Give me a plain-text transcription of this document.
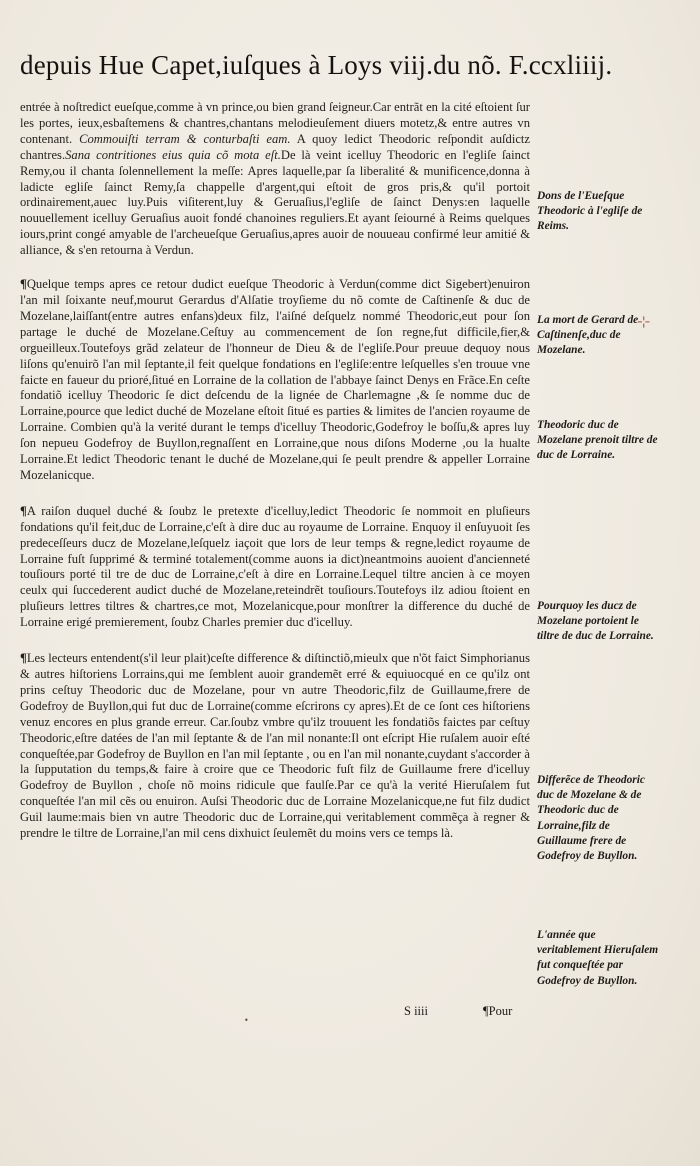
depuis Hue Capet,iuſques à Loys viij.du nõ. F.ccxliiij.

entrée à noſtredict eueſque,comme à vn prince,ou bien grand ſeigneur.Car entrãt en la cité eſtoient ſur les portes, ieux,esbaſtemens & chantres,chantans melodieuſement diuers motetz,& entre autres vn contenant. Commouiſti terram & conturbaſti eam. A quoy ledict Theodoric reſpondit auſdictz chantres.Sana contritiones eius quia cõ mota eſt.De là veint icelluy Theodoric en l'egliſe ſainct Remy,ou il chanta ſolennellement la meſſe: Apres laquelle,par ſa liberalité & munificence,donna à ladicte egliſe ſainct Remy,ſa chappelle d'argent,qui eſtoit de gros pris,& qu'il portoit ordinairement,auec luy.Puis viſiterent,luy & Geruaſius,l'egliſe de ſainct Denys:en laquelle nouuellement icelluy Geruaſius auoit fondé chanoines reguliers.Et ayant ſeiourné à Reims quelques iours,print congé amyable de l'archeueſque Geruaſius,apres auoir de nouueau confirmé leur amitié & alliance, & s'en retourna à Verdun.

¶Quelque temps apres ce retour dudict eueſque Theodoric à Verdun(comme dict Sigebert)enuiron l'an mil ſoixante neuf,mourut Gerardus d'Alſatie troyſieme du nõ comte de Caſtinenſe & duc de Mozelane,laiſſant(entre autres enfans)deux filz, l'aiſné deſquelz nommé Theodoric,eut pour ſon partage le duché de Mozelane.Ceſtuy au commencement de ſon regne,fut difficile,fier,& orgueilleux.Toutefoys grãd zelateur de l'honneur de Dieu & de l'egliſe.Pour preuue dequoy nous liſons qu'enuirõ l'an mil ſeptante,il feit quelque fondations en l'egliſe:entre leſquelles s'en trouue vne faicte en faueur du prioré,ſitué en Lorraine de la collation de l'abbaye ſainct Denys en Frãce.En ceſte fondatiõ icelluy Theodoric ſe dict deſcendu de la lignée de Charlemagne ,& ſe nomme duc de Lorraine,pource que ledict duché de Mozelane eſtoit ſitué es parties & limites de l'ancien royaume de Lorraine. Combien qu'à la verité durant le temps d'icelluy Theodoric,Godefroy le boſſu,& apres luy ſon nepueu Godefroy de Buyllon,regnaſſent en Lorraine,que nous diſons Moderne ,ou la hualte Lorraine.Et ledict Theodoric tenant le duché de Mozelane,qui ſe peult prendre & appeller Lorraine Mozelanicque.

¶A raiſon duquel duché & ſoubz le pretexte d'icelluy,ledict Theodoric ſe nommoit en pluſieurs fondations qu'il feit,duc de Lorraine,c'eſt à dire duc au royaume de Lorraine. Enquoy il enſuyuoit ſes predeceſſeurs ducz de Mozelane,leſquelz iaçoit que lors de leur temps & regne,ledict royaume de Lorraine fuſt ſupprimé & terminé totalement(comme auons ia dict)neantmoins auoient d'ancienneté touſiours porté til tre de duc de Lorraine,c'eſt à dire en Lorraine.Lequel tiltre ancien à ce moyen ceulx qui ſuccederent audict duché de Mozelane,reteindrẽt touſiours.Toutefoys ilz adiou ſtoient en pluſieurs lettres tiltres & chartres,ce mot, Mozelanicque,pour monſtrer la difference du duché de Lorraine erigé premierement, ſoubz Charles premier duc d'icelluy.

¶Les lecteurs entendent(s'il leur plait)ceſte difference & diſtinctiõ,mieulx que n'õt faict Simphorianus & autres hiſtoriens Lorrains,qui me ſemblent auoir grandemẽt erré & equiuocqué en ce qu'ilz ont prins ceſtuy Theodoric duc de Mozelane, pour vn autre Theodoric,filz de Guillaume,frere de Godefroy de Buyllon,qui fut duc de Lorraine(comme eſcrirons cy apres).Et de ce ſont ces hiſtoriens venuz encores en plus grande erreur. Car.ſoubz vmbre qu'ilz trouuent les fondatiõs faictes par ceſtuy Theodoric,eſtre datées de l'an mil ſeptante & de l'an mil nonante:Il ont eſcript Hie ruſalem auoir eſté conqueſtée,par Godefroy de Buyllon en l'an mil ſeptante , ou en l'an mil nonante,cuydant s'accorder à la ſupputation du temps,& faire à croire que ce Theodoric fuſt filz de Guillaume frere d'icelluy Godefroy de Buyllon , choſe nõ moins ridicule que faulſe.Par ce qu'à la verité Hieruſalem fut conqueſtée l'an mil cẽs ou enuiron. Auſsi Theodoric duc de Lorraine Mozelanicque,ne fut filz dudict Guil laume:mais bien vn autre Theodoric duc de Lorraine,qui veritablement commẽça à regner & prendre le tiltre de Lorraine,l'an mil cens dixhuict ſeulemẽt du moins vers ce temps là.

Dons de l'Eueſque Theodoric à l'egliſe de Reims.
La mort de Gerard de Caſtinenſe,duc de Mozelane.
Theodoric duc de Mozelane prenoit tiltre de duc de Lorraine.
Pourquoy les ducz de Mozelane portoient le tiltre de duc de Lorraine.
Differẽce de Theodoric duc de Mozelane & de Theodoric duc de Lorraine,filz de Guillaume frere de Godefroy de Buyllon.
L'année que veritablement Hieruſalem fut conqueſtée par Godefroy de Buyllon.
⊹
•
S iiii	¶Pour
